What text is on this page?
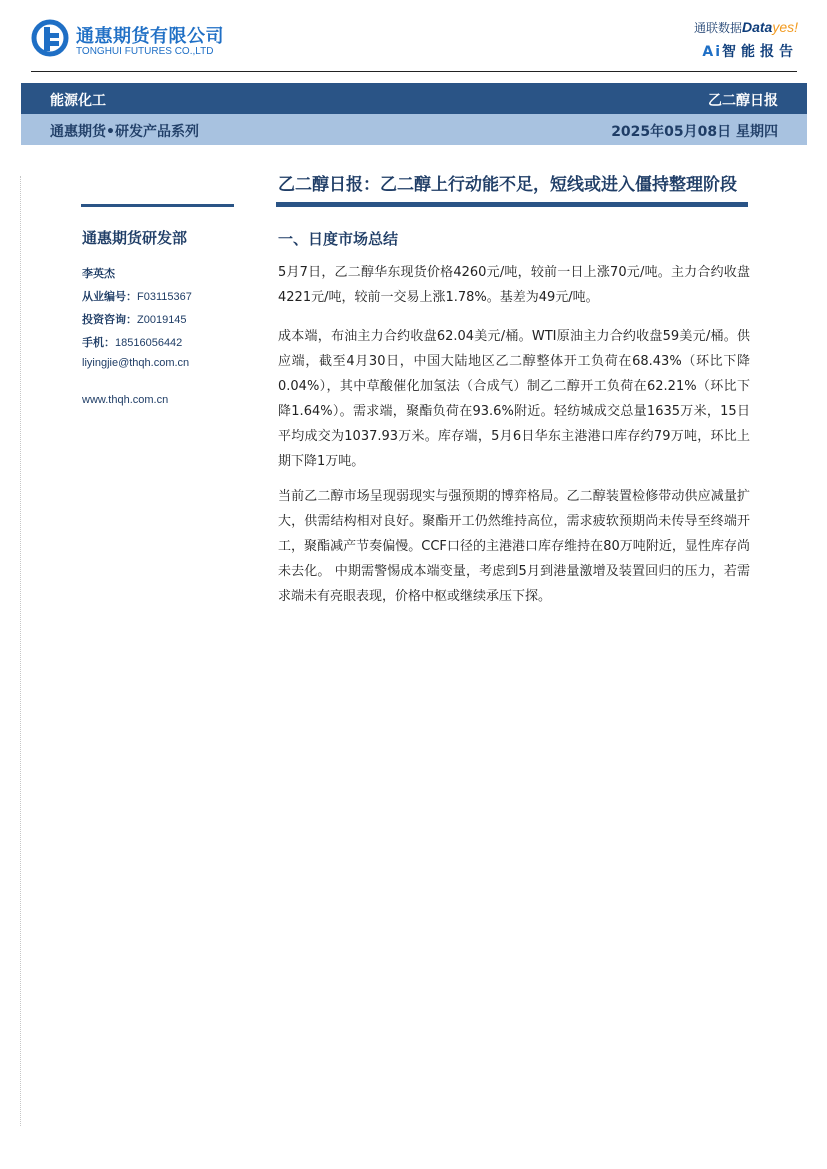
通惠期货有限公司
TONGHUI FUTURES CO.,LTD
通联数据Datayes!
Ai智能报告
能源化工	乙二醇日报
通惠期货•研发产品系列	2025年05月08日 星期四
通惠期货研发部
李英杰
从业编号：F03115367
投资咨询：Z0019145
手机：18516056442
liyingjie@thqh.com.cn
www.thqh.com.cn
乙二醇日报：乙二醇上行动能不足，短线或进入僵持整理阶段
一、日度市场总结

5月7日，乙二醇华东现货价格4260元/吨，较前一日上涨70元/吨。主力合约收盘4221元/吨，较前一交易上涨1.78%。基差为49元/吨。

成本端，布油主力合约收盘62.04美元/桶。WTI原油主力合约收盘59美元/桶。供应端，截至4月30日，中国大陆地区乙二醇整体开工负荷在68.43%（环比下降0.04%），其中草酸催化加氢法（合成气）制乙二醇开工负荷在62.21%（环比下降1.64%）。需求端，聚酯负荷在93.6%附近。轻纺城成交总量1635万米，15日平均成交为1037.93万米。库存端，5月6日华东主港港口库存约79万吨，环比上期下降1万吨。

当前乙二醇市场呈现弱现实与强预期的博弈格局。乙二醇装置检修带动供应减量扩大，供需结构相对良好。聚酯开工仍然维持高位，需求疲软预期尚未传导至终端开工，聚酯减产节奏偏慢。CCF口径的主港港口库存维持在80万吨附近，显性库存尚未去化。 中期需警惕成本端变量，考虑到5月到港量激增及装置回归的压力，若需求端未有亮眼表现，价格中枢或继续承压下探。
